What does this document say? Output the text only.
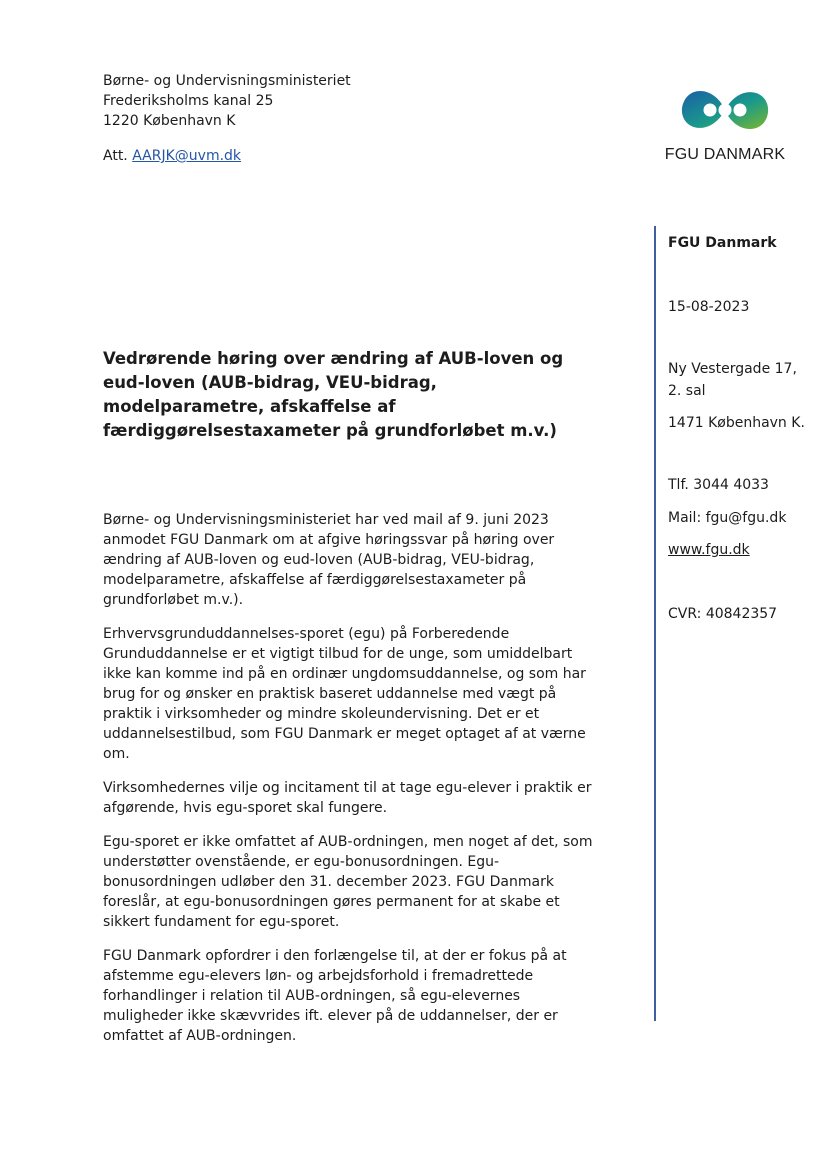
Børne- og Undervisningsministeriet
Frederiksholms kanal 25
1220 København K
Att. AARJK@uvm.dk	FGU DANMARK
FGU Danmark
15-08-2023
Ny Vestergade 17,
2. sal
1471 København K.
Tlf. 3044 4033
Mail: fgu@fgu.dk
www.fgu.dk
CVR: 40842357
Vedrørende høring over ændring af AUB-loven og eud-loven (AUB-bidrag, VEU-bidrag, modelparametre, afskaffelse af færdiggørelsestaxameter på grundforløbet m.v.)

Børne- og Undervisningsministeriet har ved mail af 9. juni 2023 anmodet FGU Danmark om at afgive høringssvar på høring over ændring af AUB-loven og eud-loven (AUB-bidrag, VEU-bidrag, modelparametre, afskaffelse af færdiggørelsestaxameter på grundforløbet m.v.).

Erhvervsgrunduddannelses-sporet (egu) på Forberedende Grunduddannelse er et vigtigt tilbud for de unge, som umiddelbart ikke kan komme ind på en ordinær ungdomsuddannelse, og som har brug for og ønsker en praktisk baseret uddannelse med vægt på praktik i virksomheder og mindre skoleundervisning. Det er et uddannelsestilbud, som FGU Danmark er meget optaget af at værne om.

Virksomhedernes vilje og incitament til at tage egu-elever i praktik er afgørende, hvis egu-sporet skal fungere.

Egu-sporet er ikke omfattet af AUB-ordningen, men noget af det, som understøtter ovenstående, er egu-bonusordningen. Egu-bonusordningen udløber den 31. december 2023. FGU Danmark foreslår, at egu-bonusordningen gøres permanent for at skabe et sikkert fundament for egu-sporet.

FGU Danmark opfordrer i den forlængelse til, at der er fokus på at afstemme egu-elevers løn- og arbejdsforhold i fremadrettede forhandlinger i relation til AUB-ordningen, så egu-elevernes muligheder ikke skævvrides ift. elever på de uddannelser, der er omfattet af AUB-ordningen.
